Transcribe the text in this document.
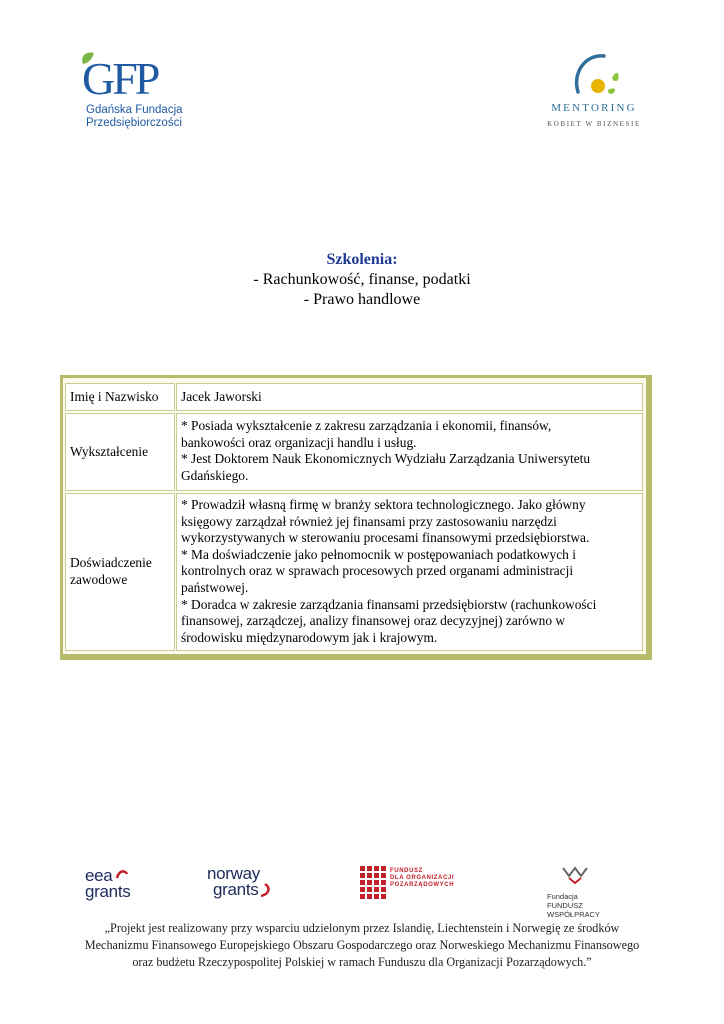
GFP
Gdańska Fundacja
Przedsiębiorczości
MENTORING
KOBIET W BIZNESIE
Szkolenia:
- Rachunkowość, finanse, podatki
- Prawo handlowe
Imię i Nazwisko Jacek Jaworski
Wykształcenie
* Posiada wykształcenie z zakresu zarządzania i ekonomii, finansów,
bankowości oraz organizacji handlu i usług.
* Jest Doktorem Nauk Ekonomicznych Wydziału Zarządzania Uniwersytetu
Gdańskiego.
Doświadczenie
zawodowe
* Prowadził własną firmę w branży sektora technologicznego. Jako główny
księgowy zarządzał również jej finansami przy zastosowaniu narzędzi
wykorzystywanych w sterowaniu procesami finansowymi przedsiębiorstwa.
* Ma doświadczenie jako pełnomocnik w postępowaniach podatkowych i
kontrolnych oraz w sprawach procesowych przed organami administracji
państwowej.
* Doradca w zakresie zarządzania finansami przedsiębiorstw (rachunkowości
finansowej, zarządczej, analizy finansowej oraz decyzyjnej) zarówno w
środowisku międzynarodowym jak i krajowym.
eea
grants
norway
grants
FUNDUSZ
DLA ORGANIZACJI
POZARZĄDOWYCH
Fundacja
FUNDUSZ WSPÓŁPRACY
„Projekt jest realizowany przy wsparciu udzielonym przez Islandię, Liechtenstein i Norwegię ze środków
Mechanizmu Finansowego Europejskiego Obszaru Gospodarczego oraz Norweskiego Mechanizmu Finansowego
oraz budżetu Rzeczypospolitej Polskiej w ramach Funduszu dla Organizacji Pozarządowych.”
